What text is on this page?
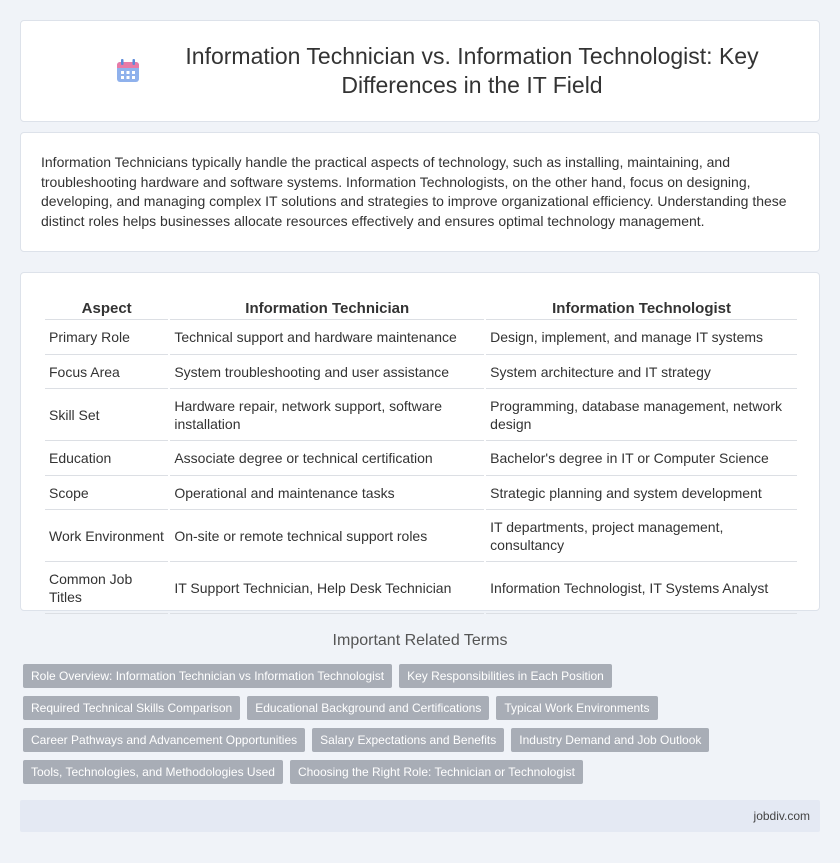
Information Technician vs. Information Technologist: Key Differences in the IT Field

Information Technicians typically handle the practical aspects of technology, such as installing, maintaining, and troubleshooting hardware and software systems. Information Technologists, on the other hand, focus on designing, developing, and managing complex IT solutions and strategies to improve organizational efficiency. Understanding these distinct roles helps businesses allocate resources effectively and ensures optimal technology management.

Aspect	Information Technician	Information Technologist
Primary Role	Technical support and hardware maintenance	Design, implement, and manage IT systems
Focus Area	System troubleshooting and user assistance	System architecture and IT strategy
Skill Set	Hardware repair, network support, software installation	Programming, database management, network design
Education	Associate degree or technical certification	Bachelor's degree in IT or Computer Science
Scope	Operational and maintenance tasks	Strategic planning and system development
Work Environment	On-site or remote technical support roles	IT departments, project management, consultancy
Common Job Titles	IT Support Technician, Help Desk Technician	Information Technologist, IT Systems Analyst
Important Related Terms
Role Overview: Information Technician vs Information Technologist	Key Responsibilities in Each Position
Required Technical Skills Comparison	Educational Background and Certifications	Typical Work Environments
Career Pathways and Advancement Opportunities	Salary Expectations and Benefits	Industry Demand and Job Outlook
Tools, Technologies, and Methodologies Used	Choosing the Right Role: Technician or Technologist
jobdiv.com
